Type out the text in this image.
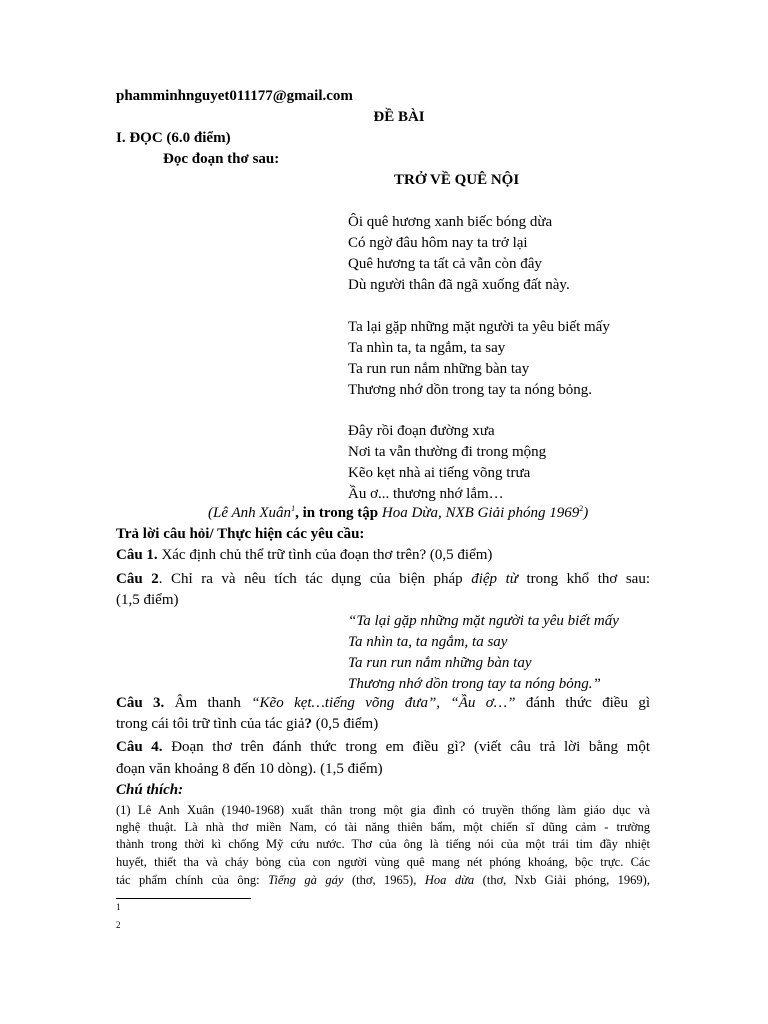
phamminhnguyet011177@gmail.com
ĐỀ BÀI
I. ĐỌC (6.0 điểm)
Đọc đoạn thơ sau:
TRỞ VỀ QUÊ NỘI
Ôi quê hương xanh biếc bóng dừa
Có ngờ đâu hôm nay ta trở lại
Quê hương ta tất cả vẫn còn đây
Dù người thân đã ngã xuống đất này.
Ta lại gặp những mặt người ta yêu biết mấy
Ta nhìn ta, ta ngắm, ta say
Ta run run nắm những bàn tay
Thương nhớ dồn trong tay ta nóng bỏng.
Đây rồi đoạn đường xưa
Nơi ta vẫn thường đi trong mộng
Kẽo kẹt nhà ai tiếng võng trưa
Ầu ơ... thương nhớ lắm…
(Lê Anh Xuân$^1$, in trong tập Hoa Dừa, NXB Giải phóng 1969$^2$)
Trả lời câu hỏi/ Thực hiện các yêu cầu:
Câu 1. Xác định chủ thể trữ tình của đoạn thơ trên? (0,5 điểm)
Câu 2. Chỉ ra và nêu tích tác dụng của biện pháp điệp từ trong khổ thơ sau:
(1,5 điểm)
“Ta lại gặp những mặt người ta yêu biết mấy
Ta nhìn ta, ta ngắm, ta say
Ta run run nắm những bàn tay
Thương nhớ dồn trong tay ta nóng bỏng.”
Câu 3. Âm thanh “Kẽo kẹt…tiếng võng đưa”, “Ầu ơ…” đánh thức điều gì
trong cái tôi trữ tình của tác giả? (0,5 điểm)
Câu 4. Đoạn thơ trên đánh thức trong em điều gì? (viết câu trả lời bằng một
đoạn văn khoảng 8 đến 10 dòng). (1,5 điểm)
Chú thích:
(1) Lê Anh Xuân (1940-1968) xuất thân trong một gia đình có truyền thống làm giáo dục và
nghệ thuật. Là nhà thơ miền Nam, có tài năng thiên bẩm, một chiến sĩ dũng cảm - trường
thành trong thời kì chống Mỹ cứu nước. Thơ của ông là tiếng nói của một trái tim đầy nhiệt
huyết, thiết tha và cháy bỏng của con người vùng quê mang nét phóng khoáng, bộc trực. Các
tác phẩm chính của ông: Tiếng gà gáy (thơ, 1965), Hoa dừa (thơ, Nxb Giải phóng, 1969),
1
2
